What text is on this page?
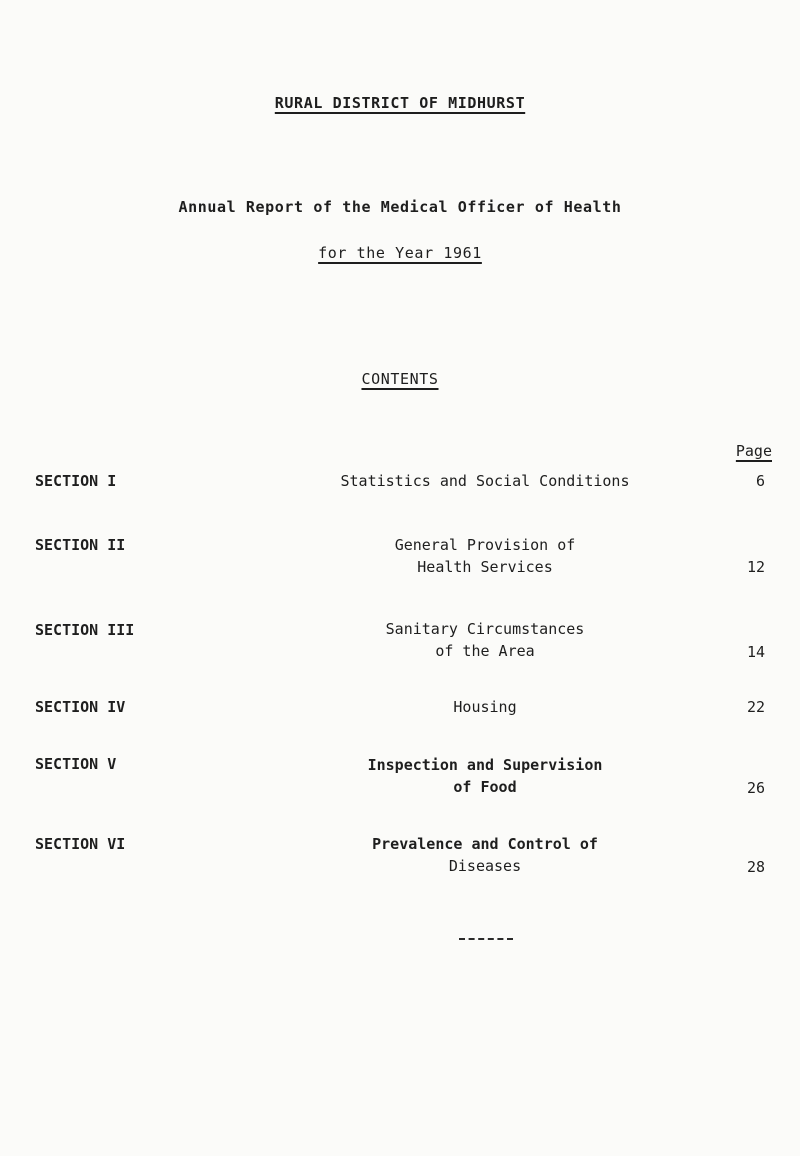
RURAL DISTRICT OF MIDHURST
Annual Report of the Medical Officer of Health
for the Year 1961
CONTENTS
Page
SECTION I	Statistics and Social Conditions	6
SECTION II	General Provision of
Health Services	12
SECTION III	Sanitary Circumstances
of the Area	14
SECTION IV	Housing	22
SECTION V	Inspection and Supervision
of Food	26
SECTION VI	Prevalence and Control of
Diseases	28
